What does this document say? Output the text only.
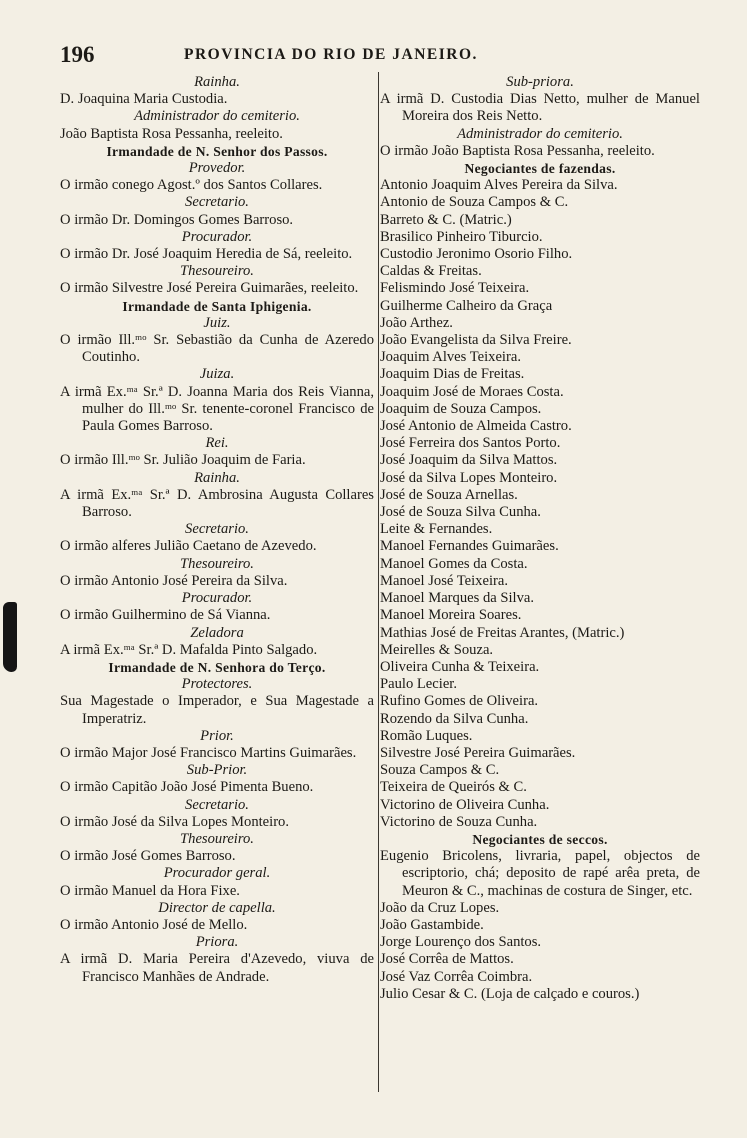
196	PROVINCIA DO RIO DE JANEIRO.
Rainha.
D. Joaquina Maria Custodia.
Administrador do cemiterio.
João Baptista Rosa Pessanha, reeleito.
Irmandade de N. Senhor dos Passos.
Provedor.
O irmão conego Agost.º dos Santos Collares.
Secretario.
O irmão Dr. Domingos Gomes Barroso.
Procurador.
O irmão Dr. José Joaquim Heredia de Sá, reeleito.
Thesoureiro.
O irmão Silvestre José Pereira Guimarães, reeleito.
Irmandade de Santa Iphigenia.
Juiz.
O irmão Ill.ᵐᵒ Sr. Sebastião da Cunha de Azeredo Coutinho.
Juiza.
A irmã Ex.ᵐᵃ Sr.ª D. Joanna Maria dos Reis Vianna, mulher do Ill.ᵐᵒ Sr. tenente-coronel Francisco de Paula Gomes Barroso.
Rei.
O irmão Ill.ᵐᵒ Sr. Julião Joaquim de Faria.
Rainha.
A irmã Ex.ᵐᵃ Sr.ª D. Ambrosina Augusta Collares Barroso.
Secretario.
O irmão alferes Julião Caetano de Azevedo.
Thesoureiro.
O irmão Antonio José Pereira da Silva.
Procurador.
O irmão Guilhermino de Sá Vianna.
Zeladora
A irmã Ex.ᵐᵃ Sr.ª D. Mafalda Pinto Salgado.
Irmandade de N. Senhora do Terço.
Protectores.
Sua Magestade o Imperador, e Sua Magestade a Imperatriz.
Prior.
O irmão Major José Francisco Martins Guimarães.
Sub-Prior.
O irmão Capitão João José Pimenta Bueno.
Secretario.
O irmão José da Silva Lopes Monteiro.
Thesoureiro.
O irmão José Gomes Barroso.
Procurador geral.
O irmão Manuel da Hora Fixe.
Director de capella.
O irmão Antonio José de Mello.
Priora.
A irmã D. Maria Pereira d'Azevedo, viuva de Francisco Manhães de Andrade.
Sub-priora.
A irmã D. Custodia Dias Netto, mulher de Manuel Moreira dos Reis Netto.
Administrador do cemiterio.
O irmão João Baptista Rosa Pessanha, reeleito.
Negociantes de fazendas.
Antonio Joaquim Alves Pereira da Silva.
Antonio de Souza Campos & C.
Barreto & C. (Matric.)
Brasilico Pinheiro Tiburcio.
Custodio Jeronimo Osorio Filho.
Caldas & Freitas.
Felismindo José Teixeira.
Guilherme Calheiro da Graça
João Arthez.
João Evangelista da Silva Freire.
Joaquim Alves Teixeira.
Joaquim Dias de Freitas.
Joaquim José de Moraes Costa.
Joaquim de Souza Campos.
José Antonio de Almeida Castro.
José Ferreira dos Santos Porto.
José Joaquim da Silva Mattos.
José da Silva Lopes Monteiro.
José de Souza Arnellas.
José de Souza Silva Cunha.
Leite & Fernandes.
Manoel Fernandes Guimarães.
Manoel Gomes da Costa.
Manoel José Teixeira.
Manoel Marques da Silva.
Manoel Moreira Soares.
Mathias José de Freitas Arantes, (Matric.)
Meirelles & Souza.
Oliveira Cunha & Teixeira.
Paulo Lecier.
Rufino Gomes de Oliveira.
Rozendo da Silva Cunha.
Romão Luques.
Silvestre José Pereira Guimarães.
Souza Campos & C.
Teixeira de Queirós & C.
Victorino de Oliveira Cunha.
Victorino de Souza Cunha.
Negociantes de seccos.
Eugenio Bricolens, livraria, papel, objectos de escriptorio, chá; deposito de rapé arêa preta, de Meuron & C., machinas de costura de Singer, etc.
João da Cruz Lopes.
João Gastambide.
Jorge Lourenço dos Santos.
José Corrêa de Mattos.
José Vaz Corrêa Coimbra.
Julio Cesar & C. (Loja de calçado e couros.)
